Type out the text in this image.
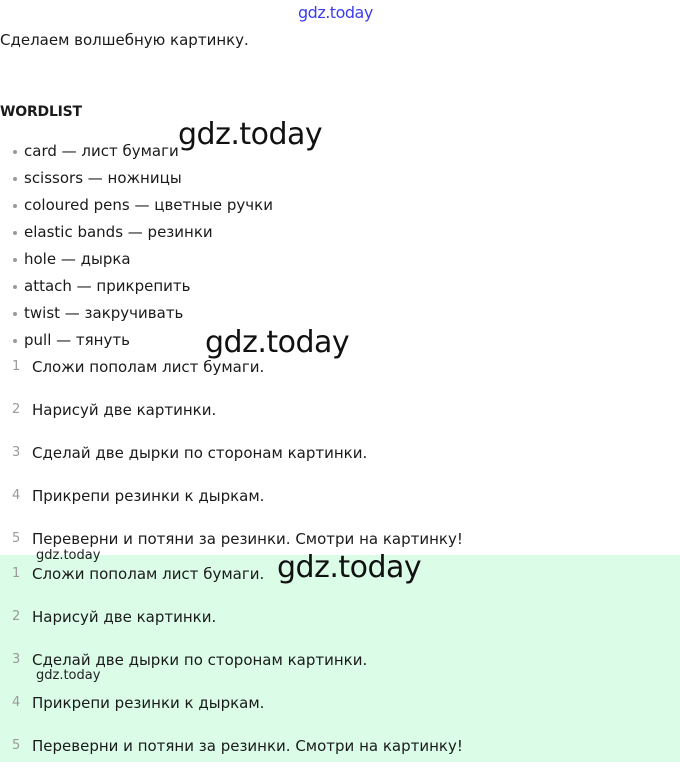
gdz.today
Сделаем волшебную картинку.
WORDLIST
card — лист бумаги
scissors — ножницы
coloured pens — цветные ручки
elastic bands — резинки
hole — дырка
attach — прикрепить
twist — закручивать
pull — тянуть
1 Сложи пополам лист бумаги.
2 Нарисуй две картинки.
3 Сделай две дырки по сторонам картинки.
4 Прикрепи резинки к дыркам.
5 Переверни и потяни за резинки. Смотри на картинку!
1 Сложи пополам лист бумаги.
2 Нарисуй две картинки.
3 Сделай две дырки по сторонам картинки.
4 Прикрепи резинки к дыркам.
5 Переверни и потяни за резинки. Смотри на картинку!
gdz.today
gdz.today
gdz.today
gdz.today
gdz.today
